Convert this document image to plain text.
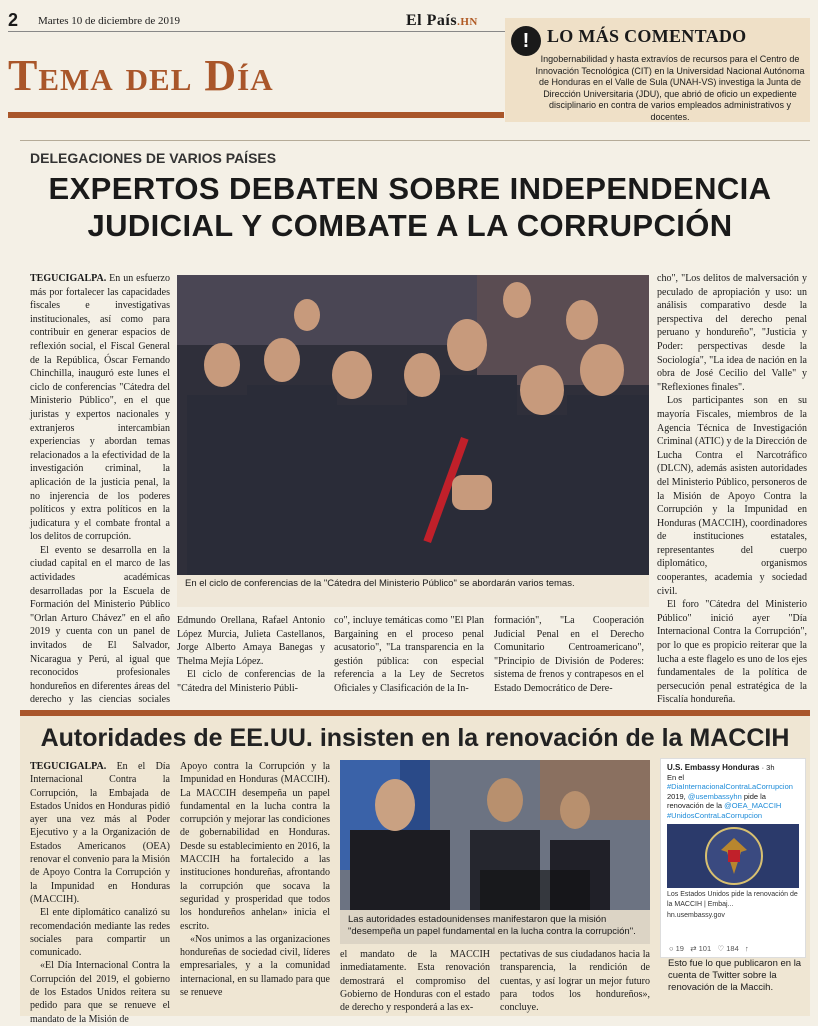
2 Martes 10 de diciembre de 2019	El País.HN
Tema del Día
! LO MÁS COMENTADO
Ingobernabilidad y hasta extravíos de recursos para el Centro de Innovación Tecnológica (CIT) en la Universidad Nacional Autónoma de Honduras en el Valle de Sula (UNAH-VS) investiga la Junta de Dirección Universitaria (JDU), que abrió de oficio un expediente disciplinario en contra de varios empleados administrativos y docentes.
DELEGACIONES DE VARIOS PAÍSES
EXPERTOS DEBATEN SOBRE INDEPENDENCIA JUDICIAL Y COMBATE A LA CORRUPCIÓN

TEGUCIGALPA. En un esfuerzo más por fortalecer las capacidades fiscales e investigativas institucionales, así como para contribuir en generar espacios de reflexión social, el Fiscal General de la República, Óscar Fernando Chinchilla, inauguró este lunes el ciclo de conferencias "Cátedra del Ministerio Público", en el que juristas y expertos nacionales y extranjeros intercambian experiencias y abordan temas relacionados a la efectividad de la investigación criminal, la aplicación de la justicia penal, la no injerencia de los poderes políticos y extra políticos en la judicatura y el combate frontal a los delitos de corrupción.

El evento se desarrolla en la ciudad capital en el marco de las actividades académicas desarrolladas por la Escuela de Formación del Ministerio Público "Orlan Arturo Chávez" en el año 2019 y cuenta con un panel de invitados de El Salvador, Nicaragua y Perú, al igual que reconocidos profesionales hondureños en diferentes áreas del derecho y las ciencias sociales

En el ciclo de conferencias de la "Cátedra del Ministerio Público" se abordarán varios temas.

Edmundo Orellana, Rafael Antonio López Murcia, Julieta Castellanos, Jorge Alberto Amaya Banegas y Thelma Mejía López.

El ciclo de conferencias de la "Cátedra del Ministerio Públi-

co", incluye temáticas como "El Plan Bargaining en el proceso penal acusatorio", "La transparencia en la gestión pública: con especial referencia a la Ley de Secretos Oficiales y Clasificación de la In-

formación", "La Cooperación Judicial Penal en el Derecho Comunitario Centroamericano", "Principio de División de Poderes: sistema de frenos y contrapesos en el Estado Democrático de Dere-

cho", "Los delitos de malversación y peculado de apropiación y uso: un análisis comparativo desde la perspectiva del derecho penal peruano y hondureño", "Justicia y Poder: perspectivas desde la Sociología", "La idea de nación en la obra de José Cecilio del Valle" y "Reflexiones finales".

Los participantes son en su mayoría Fiscales, miembros de la Agencia Técnica de Investigación Criminal (ATIC) y de la Dirección de Lucha Contra el Narcotráfico (DLCN), además asisten autoridades del Ministerio Público, personeros de la Misión de Apoyo Contra la Corrupción y la Impunidad en Honduras (MACCIH), coordinadores de instituciones estatales, representantes del cuerpo diplomático, organismos cooperantes, academia y sociedad civil.

El foro "Cátedra del Ministerio Público" inició ayer "Día Internacional Contra la Corrupción", por lo que es propicio reiterar que la lucha a este flagelo es uno de los ejes fundamentales de la política de persecución penal estratégica de la Fiscalía hondureña.

Autoridades de EE.UU. insisten en la renovación de la MACCIH

TEGUCIGALPA. En el Día Internacional Contra la Corrupción, la Embajada de Estados Unidos en Honduras pidió ayer una vez más al Poder Ejecutivo y a la Organización de Estados Americanos (OEA) renovar el convenio para la Misión de Apoyo Contra la Corrupción y la Impunidad en Honduras (MACCIH).

El ente diplomático canalizó su recomendación mediante las redes sociales para compartir un comunicado.

«El Día Internacional Contra la Corrupción del 2019, el gobierno de los Estados Unidos reitera su pedido para que se renueve el mandato de la Misión de

Apoyo contra la Corrupción y la Impunidad en Honduras (MACCIH). La MACCIH desempeña un papel fundamental en la lucha contra la corrupción y mejorar las condiciones de gobernabilidad en Honduras. Desde su establecimiento en 2016, la MACCIH ha fortalecido a las instituciones hondureñas, afrontando la corrupción que socava la seguridad y prosperidad que todos los hondureños anhelan» inicia el escrito.

«Nos unimos a las organizaciones hondureñas de sociedad civil, líderes empresariales, y a la comunidad internacional, en su llamado para que se renueve

Las autoridades estadounidenses manifestaron que la misión "desempeña un papel fundamental en la lucha contra la corrupción".

el mandato de la MACCIH inmediatamente. Esta renovación demostrará el compromiso del Gobierno de Honduras con el estado de derecho y responderá a las ex-

pectativas de sus ciudadanos hacia la transparencia, la rendición de cuentas, y así lograr un mejor futuro para todos los hondureños», concluye.

U.S. Embassy Honduras · 3h
En el #DiaInternacionalContraLaCorrupcion 2019, @usembassyhn pide la renovación de la @OEA_MACCIH #UnidosContraLaCorrupcion
Los Estados Unidos pide la renovación de la MACCIH | Embaj...
hn.usembassy.gov
○ 19 ⇄ 101 ♡ 184 ↑
Esto fue lo que publicaron en la cuenta de Twitter sobre la renovación de la Maccih.
